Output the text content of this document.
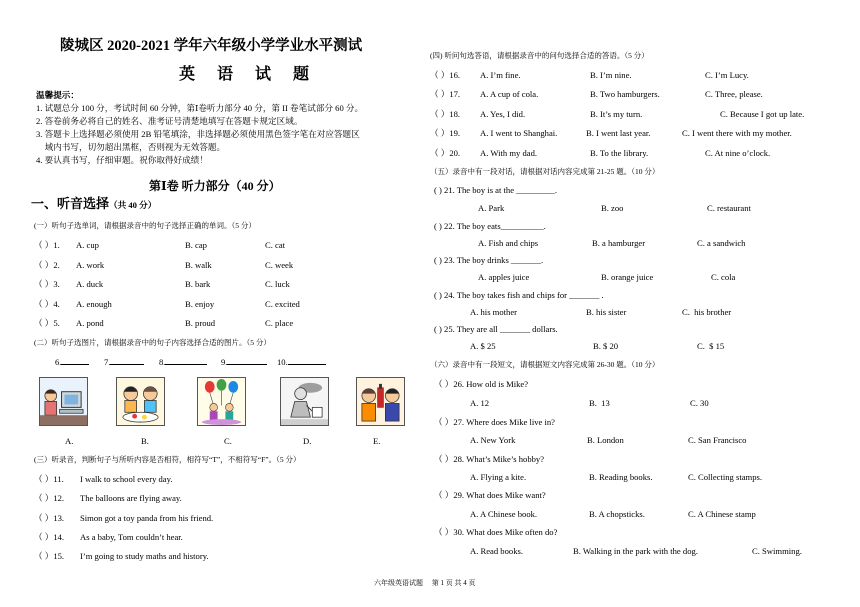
陵城区 2020-2021 学年六年级小学学业水平测试
英 语 试 题
温馨提示：
1. 试题总分 100 分，考试时间 60 分钟，第Ⅰ卷听力部分 40 分，第 II 卷笔试部分 60 分。
2. 答卷前务必将自己的姓名、准考证号清楚地填写在答题卡规定区域。
3. 答题卡上选择题必须使用 2B 铅笔填涂，非选择题必须使用黑色签字笔在对应答题区
域内书写，切勿超出黑框，否则视为无效答题。
4. 要认真书写，仔细审题。祝你取得好成绩！
第Ⅰ卷 听力部分（40 分）
一、听音选择（共 40 分）
(一）听句子选单词，请根据录音中的句子选择正确的单词。（5 分）
（ ）1. A. cup	B. cap	C. cat
（ ）2. A. work	B. walk	C. week
（ ）3. A. duck	B. bark	C. luck
（ ）4. A. enough	B. enjoy	C. excited
（ ）5. A. pond	B. proud	C. place
(二）听句子选图片，请根据录音中的句子内容选择合适的图片。（5 分）
6.	7.	8.	9.	10.
A.	B.	C.	D.	E.
(三）听录音，判断句子与所听内容是否相符，相符写“T”，不相符写“F”。（5 分）
（ ）11. I walk to school every day.
（ ）12. The balloons are flying away.
（ ）13. Simon got a toy panda from his friend.
（ ）14. As a baby, Tom couldn’t hear.
（ ）15. I’m going to study maths and history.
(四) 听问句选答语，请根据录音中的问句选择合适的答语。（5 分）
（ ）16. A. I’m fine.	B. I’m nine.	C. I’m Lucy.
（ ）17. A. A cup of cola.	B. Two hamburgers.	C. Three, please.
（ ）18. A. Yes, I did.	B. It’s my turn.	C. Because I got up late.
（ ）19. A. I went to Shanghai.	B. I went last year.	C. I went there with my mother.
（ ）20. A. With my dad.	B. To the library.	C. At nine o’clock.
（五）录音中有一段对话，请根据对话内容完成第 21-25 题。（10 分）
( ) 21. The boy is at the _________.
A. Park	B. zoo	C. restaurant
( ) 22. The boy eats__________.
A. Fish and chips	B. a hamburger	C. a sandwich
( ) 23. The boy drinks _______.
A. apples juice	B. orange juice	C. cola
( ) 24. The boy takes fish and chips for _______ .
A. his mother	B. his sister	C.  his brother
( ) 25. They are all _______ dollars.
A. $ 25	B. $ 20	C.  $ 15
（六）录音中有一段短文，请根据短文内容完成第 26-30 题。（10 分）
（ ）26. How old is Mike?
A. 12	B.  13	C. 30
（ ）27. Where does Mike live in?
A. New York	B. London	C. San Francisco
（ ）28. What’s Mike’s hobby?
A. Flying a kite.	B. Reading books.	C. Collecting stamps.
（ ）29. What does Mike want?
A. A Chinese book.	B. A chopsticks.	C. A Chinese stamp
（ ）30. What does Mike often do?
A. Read books.	B. Walking in the park with the dog.	C. Swimming.
六年级英语试题 第 1 页 共 4 页
